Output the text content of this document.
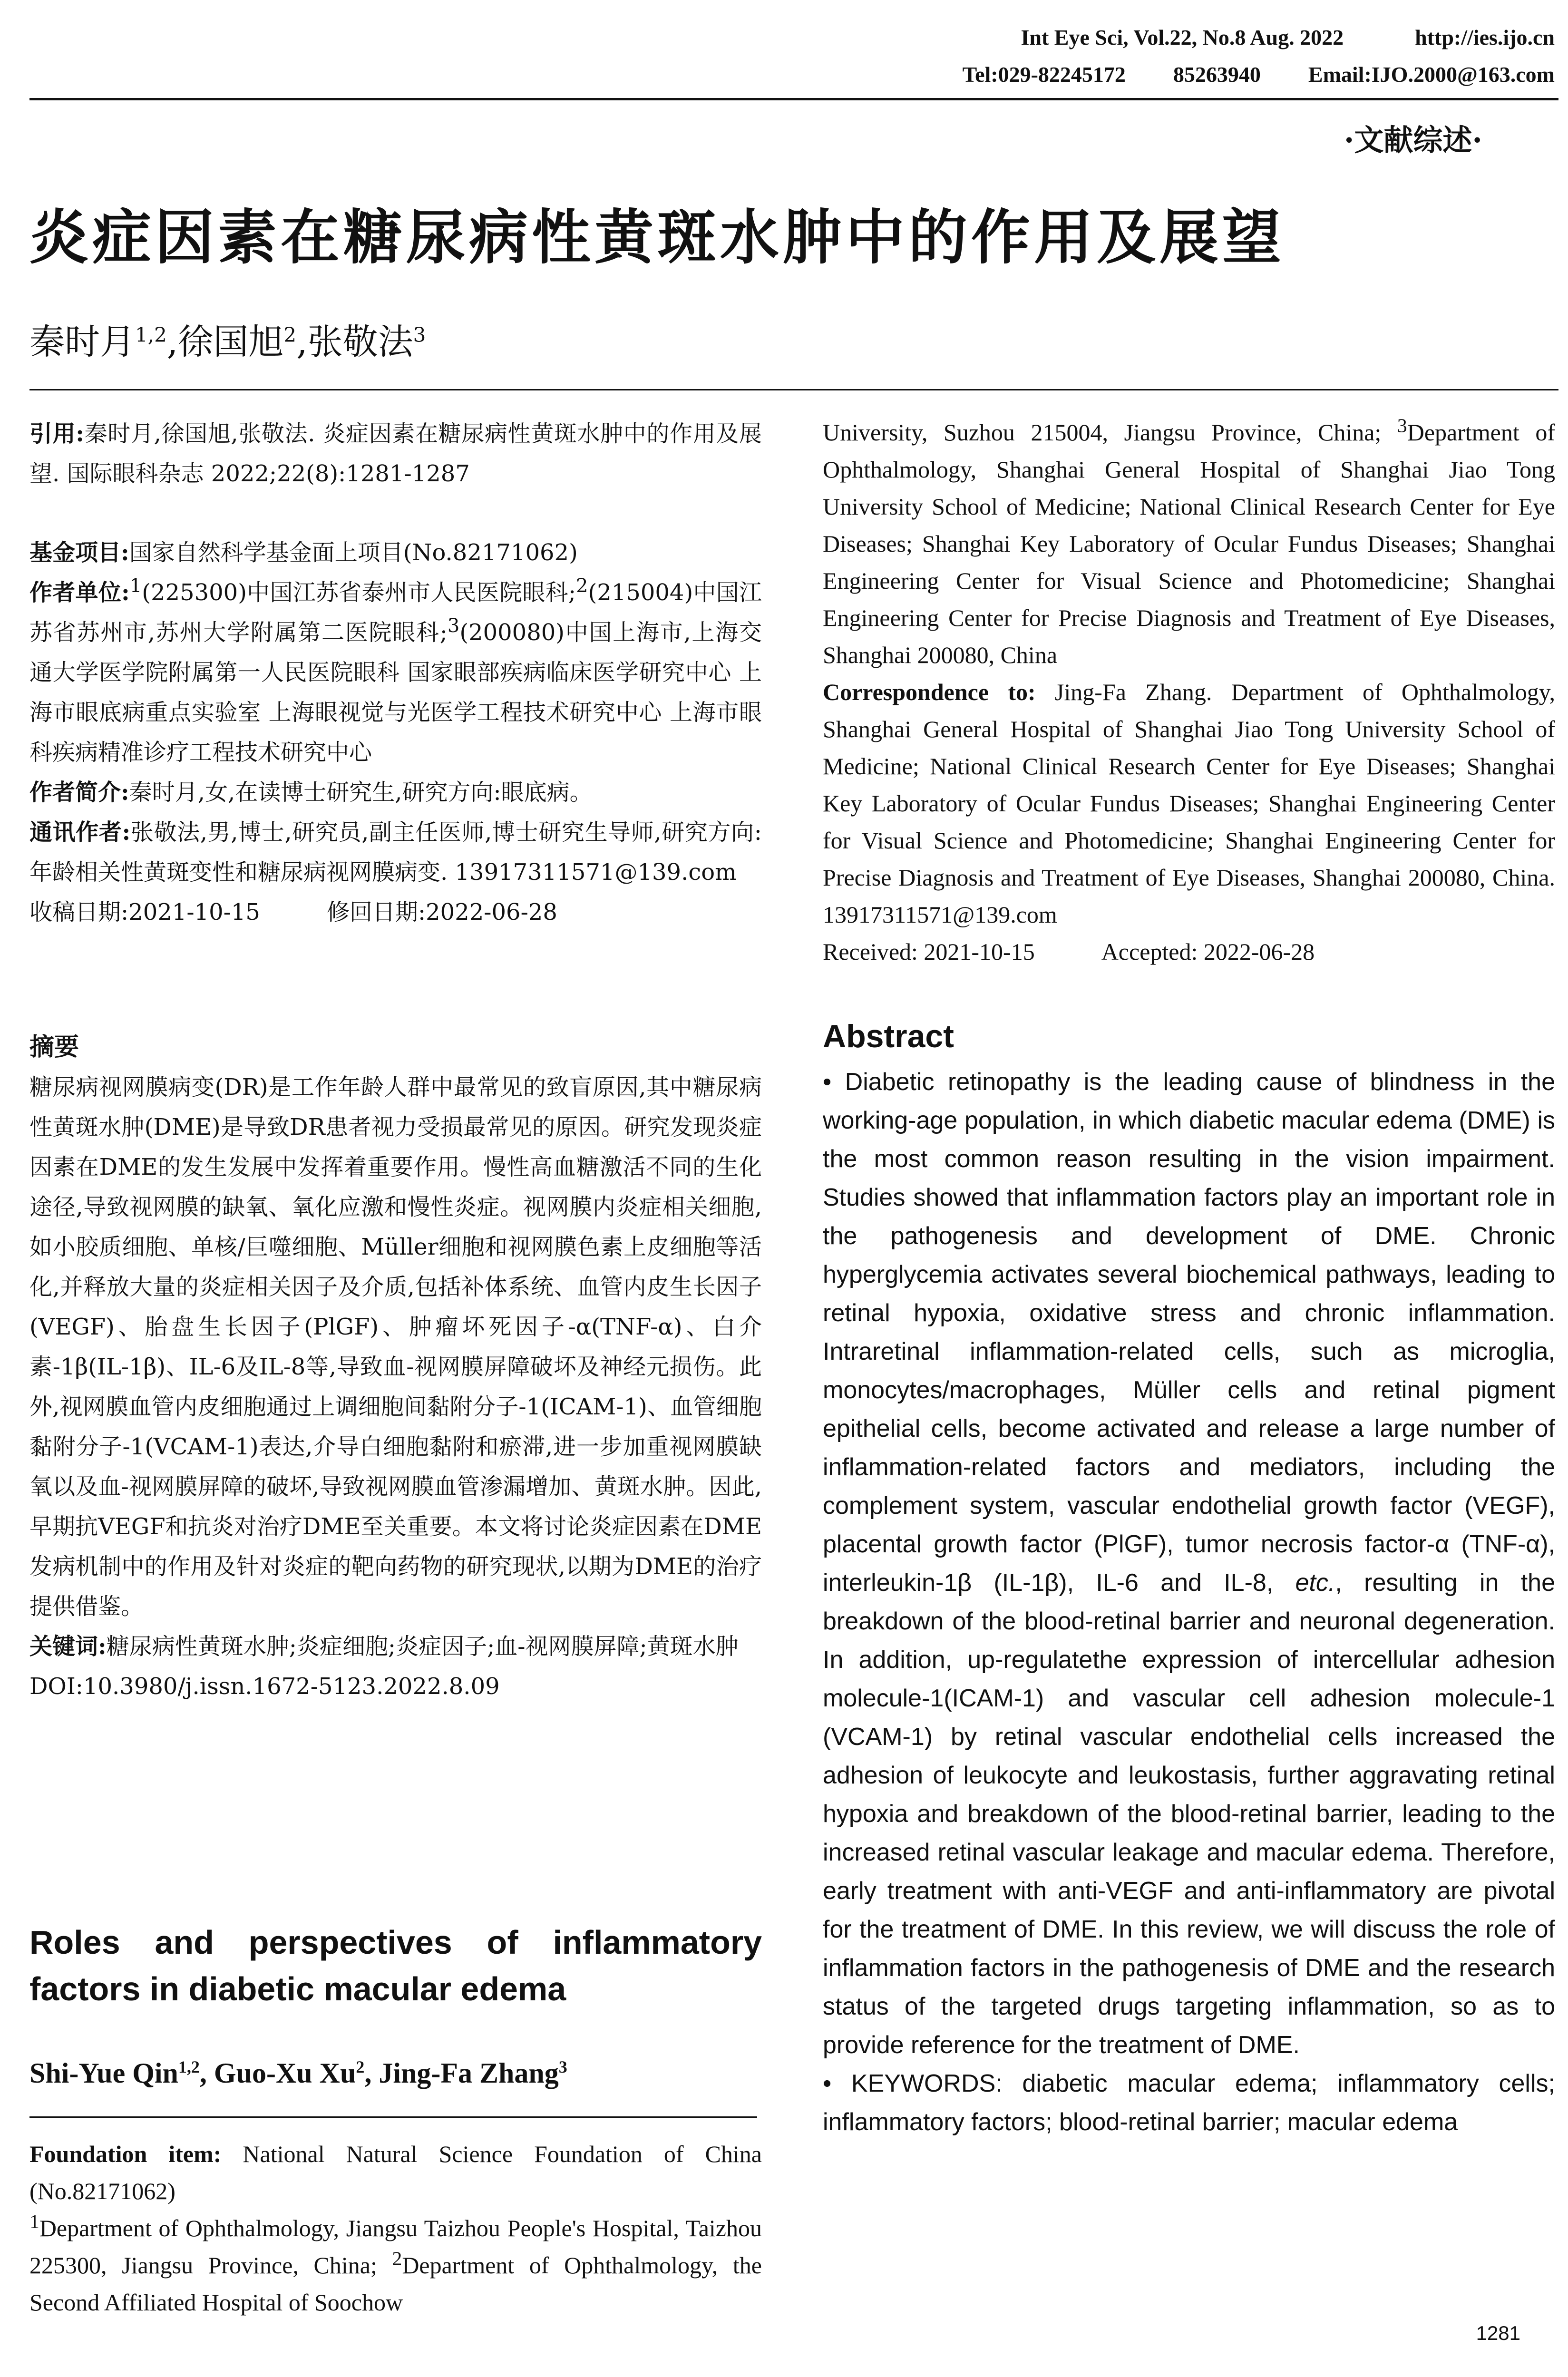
Int Eye Sci, Vol.22, No.8 Aug. 2022	http://ies.ijo.cn
Tel:029-82245172 85263940 Email:IJO.2000@163.com
·文献综述·
炎症因素在糖尿病性黄斑水肿中的作用及展望
秦时月$^{1,2}$,徐国旭$^2$,张敬法$^3$
引用:秦时月,徐国旭,张敬法. 炎症因素在糖尿病性黄斑水肿中的作用及展望. 国际眼科杂志 2022;22(8):1281-1287
基金项目:国家自然科学基金面上项目(No.82171062)
作者单位:$^1$(225300)中国江苏省泰州市人民医院眼科;$^2$(215004)中国江苏省苏州市,苏州大学附属第二医院眼科;$^3$(200080)中国上海市,上海交通大学医学院附属第一人民医院眼科 国家眼部疾病临床医学研究中心 上海市眼底病重点实验室 上海眼视觉与光医学工程技术研究中心 上海市眼科疾病精准诊疗工程技术研究中心
作者简介:秦时月,女,在读博士研究生,研究方向:眼底病。
通讯作者:张敬法,男,博士,研究员,副主任医师,博士研究生导师,研究方向:年龄相关性黄斑变性和糖尿病视网膜病变. 13917311571@139.com
收稿日期:2021-10-15	修回日期:2022-06-28
摘要
糖尿病视网膜病变(DR)是工作年龄人群中最常见的致盲原因,其中糖尿病性黄斑水肿(DME)是导致DR患者视力受损最常见的原因。研究发现炎症因素在DME的发生发展中发挥着重要作用。慢性高血糖激活不同的生化途径,导致视网膜的缺氧、氧化应激和慢性炎症。视网膜内炎症相关细胞,如小胶质细胞、单核/巨噬细胞、Müller细胞和视网膜色素上皮细胞等活化,并释放大量的炎症相关因子及介质,包括补体系统、血管内皮生长因子(VEGF)、胎盘生长因子(PlGF)、肿瘤坏死因子-α(TNF-α)、白介素-1β(IL-1β)、IL-6及IL-8等,导致血-视网膜屏障破坏及神经元损伤。此外,视网膜血管内皮细胞通过上调细胞间黏附分子-1(ICAM-1)、血管细胞黏附分子-1(VCAM-1)表达,介导白细胞黏附和瘀滞,进一步加重视网膜缺氧以及血-视网膜屏障的破坏,导致视网膜血管渗漏增加、黄斑水肿。因此,早期抗VEGF和抗炎对治疗DME至关重要。本文将讨论炎症因素在DME发病机制中的作用及针对炎症的靶向药物的研究现状,以期为DME的治疗提供借鉴。
关键词:糖尿病性黄斑水肿;炎症细胞;炎症因子;血-视网膜屏障;黄斑水肿
DOI:10.3980/j.issn.1672-5123.2022.8.09
Roles and perspectives of inflammatory factors in diabetic macular edema
Shi-Yue Qin$^{1,2}$, Guo-Xu Xu$^2$, Jing-Fa Zhang$^3$
Foundation item: National Natural Science Foundation of China (No.82171062)
$^1$Department of Ophthalmology, Jiangsu Taizhou People's Hospital, Taizhou 225300, Jiangsu Province, China; $^2$Department of Ophthalmology, the Second Affiliated Hospital of Soochow
University, Suzhou 215004, Jiangsu Province, China; $^3$Department of Ophthalmology, Shanghai General Hospital of Shanghai Jiao Tong University School of Medicine; National Clinical Research Center for Eye Diseases; Shanghai Key Laboratory of Ocular Fundus Diseases; Shanghai Engineering Center for Visual Science and Photomedicine; Shanghai Engineering Center for Precise Diagnosis and Treatment of Eye Diseases, Shanghai 200080, China
Correspondence to: Jing-Fa Zhang. Department of Ophthalmology, Shanghai General Hospital of Shanghai Jiao Tong University School of Medicine; National Clinical Research Center for Eye Diseases; Shanghai Key Laboratory of Ocular Fundus Diseases; Shanghai Engineering Center for Visual Science and Photomedicine; Shanghai Engineering Center for Precise Diagnosis and Treatment of Eye Diseases, Shanghai 200080, China. 13917311571@139.com
Received: 2021-10-15	Accepted: 2022-06-28
Abstract
• Diabetic retinopathy is the leading cause of blindness in the working-age population, in which diabetic macular edema (DME) is the most common reason resulting in the vision impairment. Studies showed that inflammation factors play an important role in the pathogenesis and development of DME. Chronic hyperglycemia activates several biochemical pathways, leading to retinal hypoxia, oxidative stress and chronic inflammation. Intraretinal inflammation-related cells, such as microglia, monocytes/macrophages, Müller cells and retinal pigment epithelial cells, become activated and release a large number of inflammation-related factors and mediators, including the complement system, vascular endothelial growth factor (VEGF), placental growth factor (PlGF), tumor necrosis factor-α (TNF-α), interleukin-1β (IL-1β), IL-6 and IL-8, etc., resulting in the breakdown of the blood-retinal barrier and neuronal degeneration. In addition, up-regulatethe expression of intercellular adhesion molecule-1(ICAM-1) and vascular cell adhesion molecule-1 (VCAM-1) by retinal vascular endothelial cells increased the adhesion of leukocyte and leukostasis, further aggravating retinal hypoxia and breakdown of the blood-retinal barrier, leading to the increased retinal vascular leakage and macular edema. Therefore, early treatment with anti-VEGF and anti-inflammatory are pivotal for the treatment of DME. In this review, we will discuss the role of inflammation factors in the pathogenesis of DME and the research status of the targeted drugs targeting inflammation, so as to provide reference for the treatment of DME.
• KEYWORDS: diabetic macular edema; inflammatory cells; inflammatory factors; blood-retinal barrier; macular edema
1281
